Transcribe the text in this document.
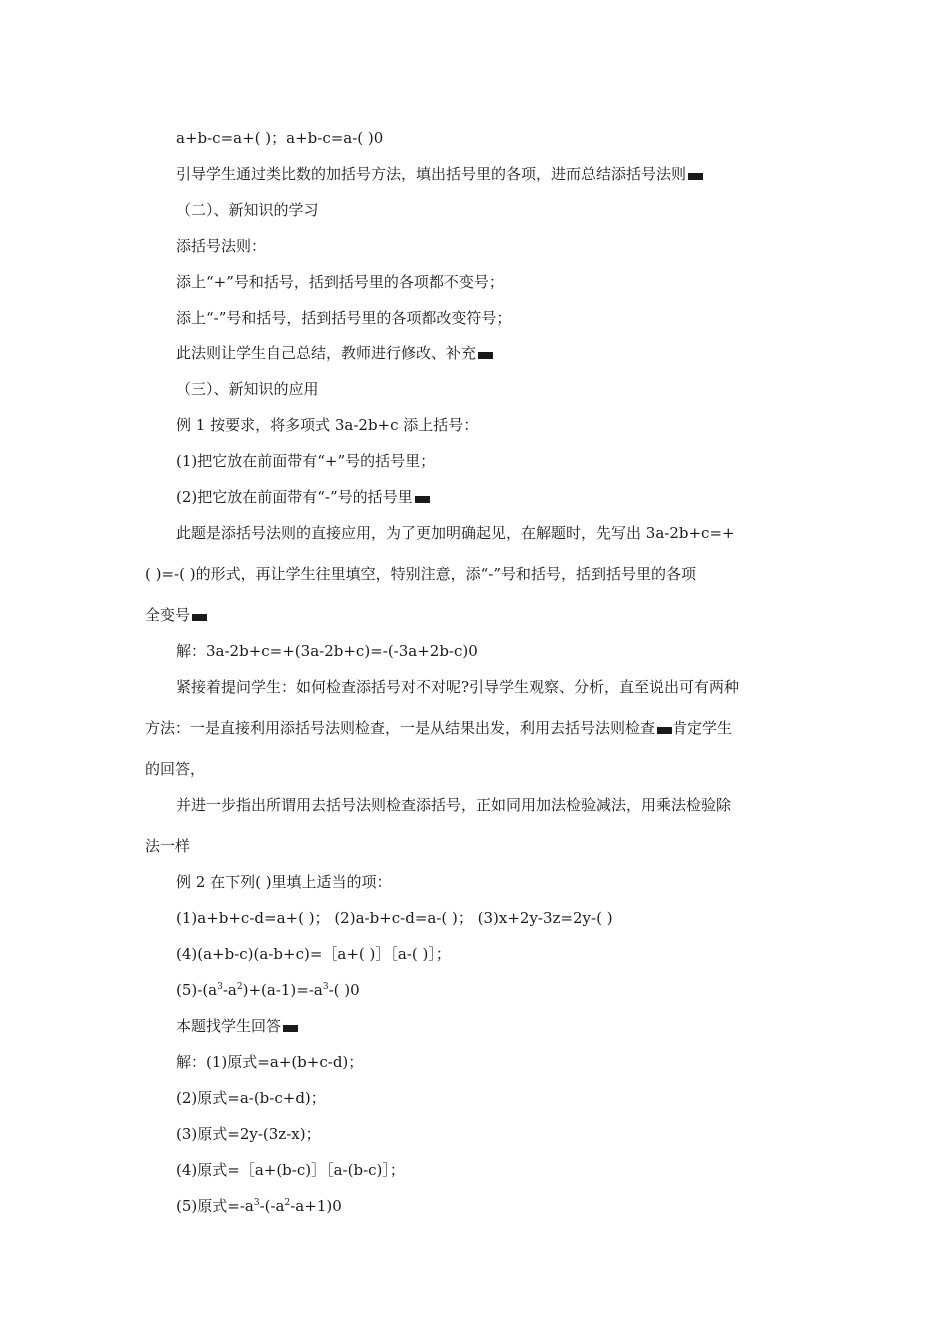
a+b-c=a+( )；a+b-c=a-( )0
引导学生通过类比数的加括号方法，填出括号里的各项，进而总结添括号法则
（二）、新知识的学习
添括号法则：
添上“+”号和括号，括到括号里的各项都不变号；
添上“-”号和括号，括到括号里的各项都改变符号；
此法则让学生自己总结，教师进行修改、补充
（三）、新知识的应用
例 1 按要求，将多项式 3a-2b+c 添上括号：
(1)把它放在前面带有“+”号的括号里；
(2)把它放在前面带有“-”号的括号里
此题是添括号法则的直接应用，为了更加明确起见，在解题时，先写出 3a-2b+c=+
( )=-( )的形式，再让学生往里填空，特别注意，添“-”号和括号，括到括号里的各项
全变号
解：3a-2b+c=+(3a-2b+c)=-(-3a+2b-c)0
紧接着提问学生：如何检查添括号对不对呢?引导学生观察、分析，直至说出可有两种
方法：一是直接利用添括号法则检查，一是从结果出发，利用去括号法则检查 肯定学生
的回答，
并进一步指出所谓用去括号法则检查添括号，正如同用加法检验减法，用乘法检验除
法一样
例 2 在下列( )里填上适当的项：
(1)a+b+c-d=a+( )； (2)a-b+c-d=a-( )； (3)x+2y-3z=2y-( )
(4)(a+b-c)(a-b+c)=［a+( )］［a-( )］；
$(5)-(a^3-a^2)+(a-1)=-a^3-$( )0
本题找学生回答
解：(1)原式=a+(b+c-d)；
(2)原式=a-(b-c+d)；
(3)原式=2y-(3z-x)；
(4)原式=［a+(b-c)］［a-(b-c)］；
(5)原式$=-a^3-(-a^2-a+1)0$
